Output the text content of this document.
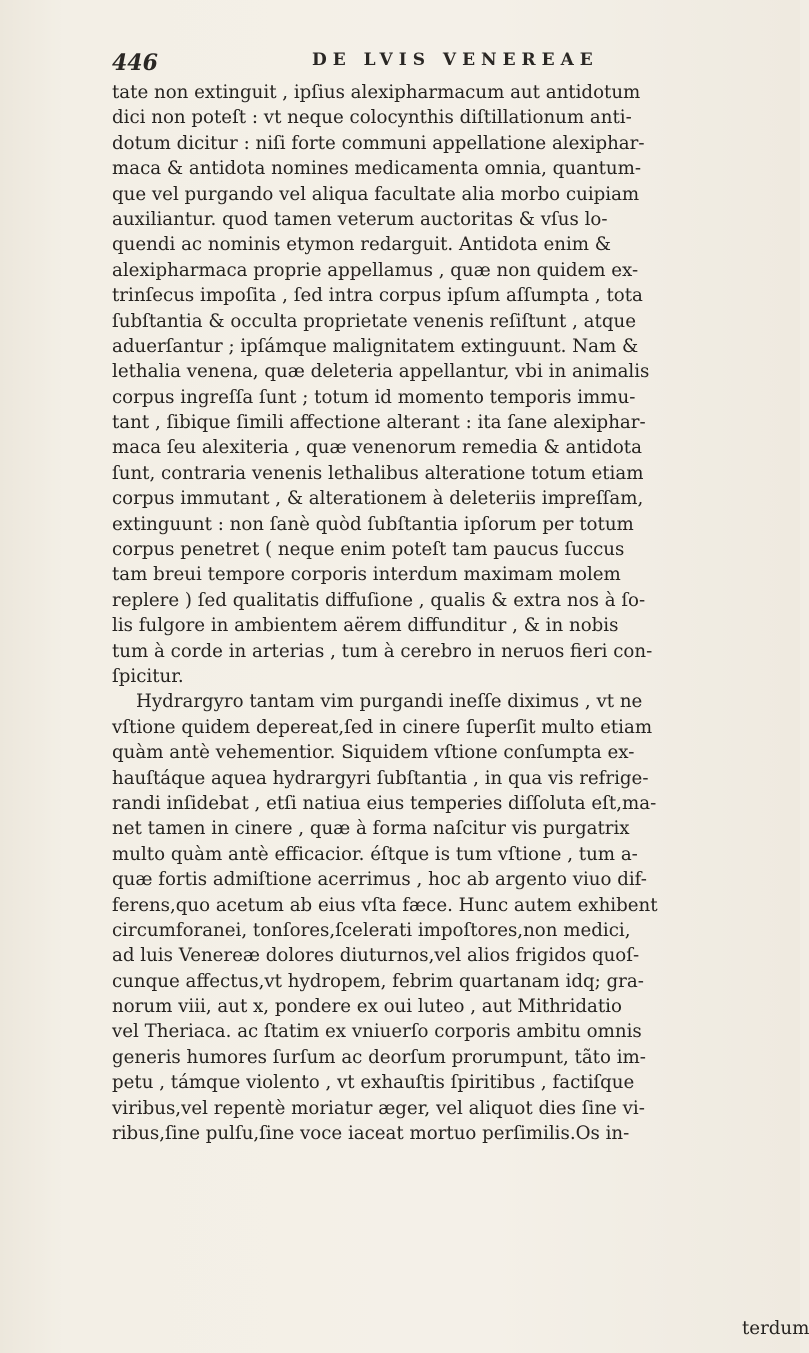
446	DE LVIS VENEREAE
tate non extinguit , ipſius alexipharmacum aut antidotum
dici non poteſt : vt neque colocynthis diſtillationum anti-
dotum dicitur : niſi forte communi appellatione alexiphar-
maca & antidota nomines medicamenta omnia, quantum-
que vel purgando vel aliqua facultate alia morbo cuipiam
auxiliantur. quod tamen veterum auctoritas & vſus lo-
quendi ac nominis etymon redarguit. Antidota enim &
alexipharmaca proprie appellamus , quæ non quidem ex-
trinſecus impoſita , ſed intra corpus ipſum aſſumpta , tota
ſubſtantia & occulta proprietate venenis reſiſtunt , atque
aduerſantur ; ipſámque malignitatem extinguunt. Nam &
lethalia venena, quæ deleteria appellantur, vbi in animalis
corpus ingreſſa ſunt ; totum id momento temporis immu-
tant , ſibique ſimili affectione alterant : ita ſane alexiphar-
maca ſeu alexiteria , quæ venenorum remedia & antidota
ſunt, contraria venenis lethalibus alteratione totum etiam
corpus immutant , & alterationem à deleteriis impreſſam,
extinguunt : non ſanè quòd ſubſtantia ipſorum per totum
corpus penetret ( neque enim poteſt tam paucus ſuccus
tam breui tempore corporis interdum maximam molem
replere ) ſed qualitatis diffuſione , qualis & extra nos à ſo-
lis fulgore in ambientem aërem diffunditur , & in nobis
tum à corde in arterias , tum à cerebro in neruos fieri con-
ſpicitur.
Hydrargyro tantam vim purgandi ineſſe diximus , vt ne
vſtione quidem depereat,ſed in cinere ſuperſit multo etiam
quàm antè vehementior. Siquidem vſtione conſumpta ex-
hauſtáque aquea hydrargyri ſubſtantia , in qua vis refrige-
randi inſidebat , etſi natiua eius temperies diſſoluta eſt,ma-
net tamen in cinere , quæ à forma naſcitur vis purgatrix
multo quàm antè efficacior. éſtque is tum vſtione , tum a-
quæ fortis admiſtione acerrimus , hoc ab argento viuo dif-
ferens,quo acetum ab eius vſta fæce. Hunc autem exhibent
circumforanei, tonſores,ſcelerati impoſtores,non medici,
ad luis Venereæ dolores diuturnos,vel alios frigidos quoſ-
cunque affectus,vt hydropem, febrim quartanam idq; gra-
norum viii, aut x, pondere ex oui luteo , aut Mithridatio
vel Theriaca. ac ſtatim ex vniuerſo corporis ambitu omnis
generis humores ſurſum ac deorſum prorumpunt, tãto im-
petu , támque violento , vt exhauſtis ſpiritibus , factiſque
viribus,vel repentè moriatur æger, vel aliquot dies ſine vi-
ribus,ſine pulſu,ſine voce iaceat mortuo perſimilis.Os in-
terdum
